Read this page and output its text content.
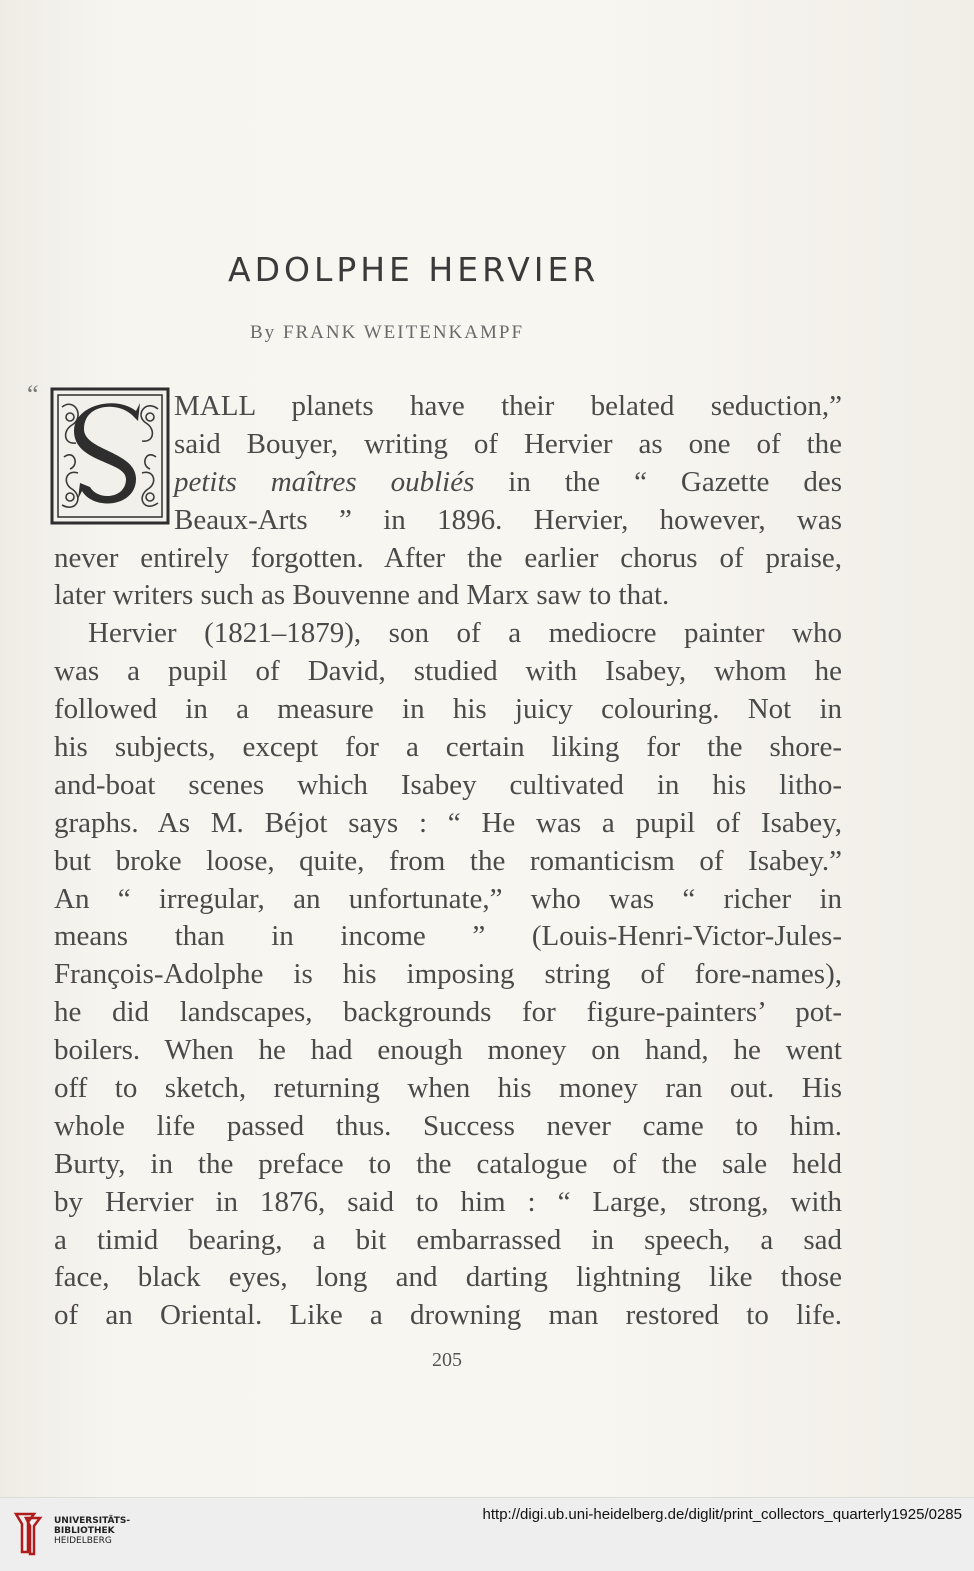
ADOLPHE HERVIER
By FRANK WEITENKAMPF
“	MALL planets have their belated seduction,”
said Bouyer, writing of Hervier as one of the
petits maîtres oubliés in the “ Gazette des
Beaux-Arts ” in 1896. Hervier, however, was
never entirely forgotten. After the earlier chorus of praise,
later writers such as Bouvenne and Marx saw to that.
Hervier (1821–1879), son of a mediocre painter who
was a pupil of David, studied with Isabey, whom he
followed in a measure in his juicy colouring. Not in
his subjects, except for a certain liking for the shore-
and-boat scenes which Isabey cultivated in his litho-
graphs. As M. Béjot says : “ He was a pupil of Isabey,
but broke loose, quite, from the romanticism of Isabey.”
An “ irregular, an unfortunate,” who was “ richer in
means than in income ” (Louis-Henri-Victor-Jules-
François-Adolphe is his imposing string of fore-names),
he did landscapes, backgrounds for figure-painters’ pot-
boilers. When he had enough money on hand, he went
off to sketch, returning when his money ran out. His
whole life passed thus. Success never came to him.
Burty, in the preface to the catalogue of the sale held
by Hervier in 1876, said to him : “ Large, strong, with
a timid bearing, a bit embarrassed in speech, a sad
face, black eyes, long and darting lightning like those
of an Oriental. Like a drowning man restored to life.
205
UNIVERSITÄTS-
BIBLIOTHEK
HEIDELBERG
http://digi.ub.uni-heidelberg.de/diglit/print_collectors_quarterly1925/0285
